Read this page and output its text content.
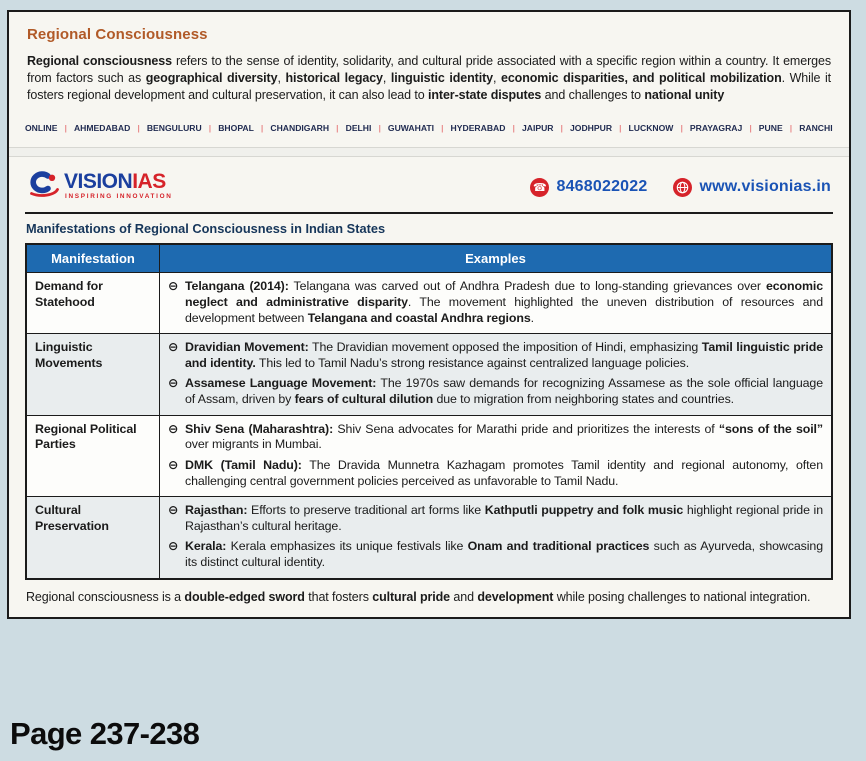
Regional Consciousness

Regional consciousness refers to the sense of identity, solidarity, and cultural pride associated with a specific region within a country. It emerges from factors such as geographical diversity, historical legacy, linguistic identity, economic disparities, and political mobilization. While it fosters regional development and cultural preservation, it can also lead to inter-state disputes and challenges to national unity

ONLINE | AHMEDABAD | BENGULURU | BHOPAL | CHANDIGARH | DELHI | GUWAHATI | HYDERABAD | JAIPUR | JODHPUR | LUCKNOW | PRAYAGRAJ | PUNE | RANCHI
VISIONIAS
INSPIRING INNOVATION
☎ 8468022022	www.visionias.in
Manifestations of Regional Consciousness in Indian States
Manifestation	Examples
Demand for Statehood	⊖ Telangana (2014): Telangana was carved out of Andhra Pradesh due to long-standing grievances over economic neglect and administrative disparity. The movement highlighted the uneven distribution of resources and development between Telangana and coastal Andhra regions.

Linguistic Movements	⊖ Dravidian Movement: The Dravidian movement opposed the imposition of Hindi, emphasizing Tamil linguistic pride and identity. This led to Tamil Nadu’s strong resistance against centralized language policies.
⊖ Assamese Language Movement: The 1970s saw demands for recognizing Assamese as the sole official language of Assam, driven by fears of cultural dilution due to migration from neighboring states and countries.

Regional Political Parties	⊖ Shiv Sena (Maharashtra): Shiv Sena advocates for Marathi pride and prioritizes the interests of “sons of the soil” over migrants in Mumbai.
⊖ DMK (Tamil Nadu): The Dravida Munnetra Kazhagam promotes Tamil identity and regional autonomy, often challenging central government policies perceived as unfavorable to Tamil Nadu.

Cultural Preservation	⊖ Rajasthan: Efforts to preserve traditional art forms like Kathputli puppetry and folk music highlight regional pride in Rajasthan’s cultural heritage.
⊖ Kerala: Kerala emphasizes its unique festivals like Onam and traditional practices such as Ayurveda, showcasing its distinct cultural identity.

Regional consciousness is a double-edged sword that fosters cultural pride and development while posing challenges to national integration.

Page 237-238
